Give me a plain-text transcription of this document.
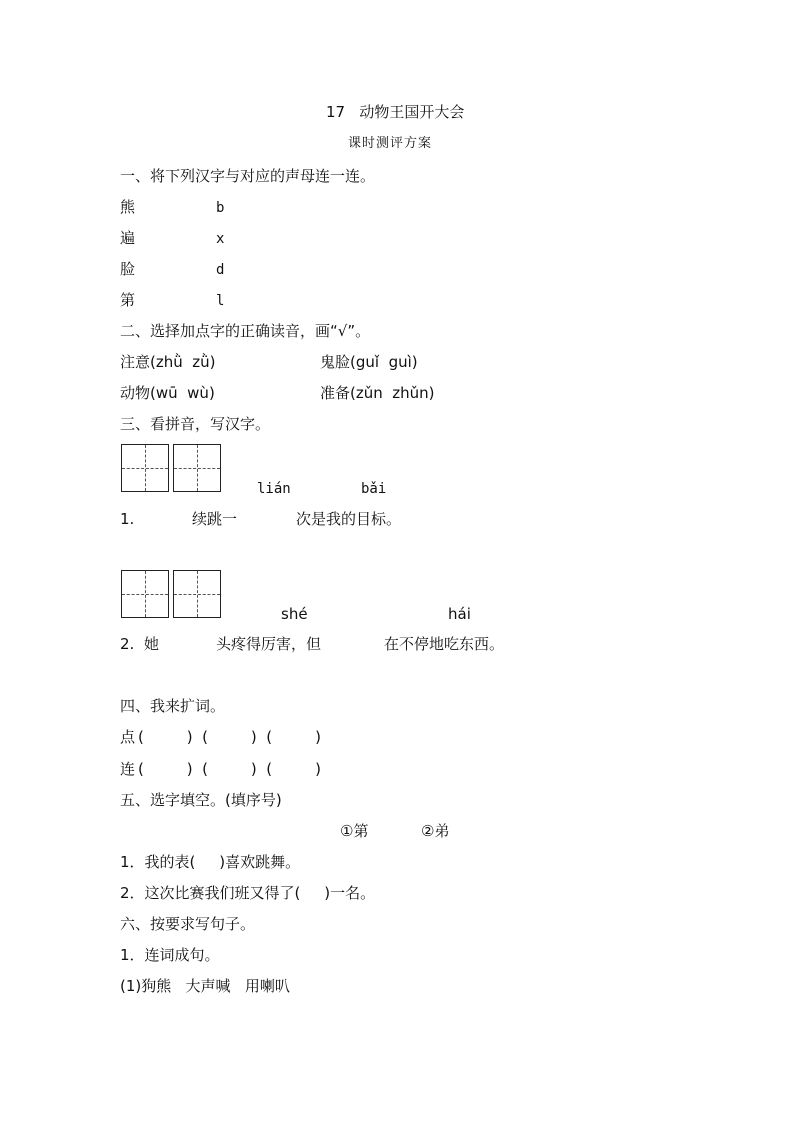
17   动物王国开大会
课时测评方案
一、将下列汉字与对应的声母连一连。
熊	b
遍	x
脸	d
第	l
二、选择加点字的正确读音，画“√”。
注意(zhǜ  zǜ)	鬼脸(guǐ  guì)
动物(wū  wù)	准备(zǔn  zhǔn)
三、看拼音，写汉字。
lián	bǎi
1.	续跳一	次是我的目标。
shé	hái
2. 她	头疼得厉害，但	在不停地吃东西。
四、我来扩词。
点 (         )  (         )  (         )
连 (         )  (         )  (         )
五、选字填空。(填序号)
①第	②弟
1．我的表(     )喜欢跳舞。
2．这次比赛我们班又得了(     )一名。
六、按要求写句子。
1．连词成句。
(1)狗熊   大声喊   用喇叭
